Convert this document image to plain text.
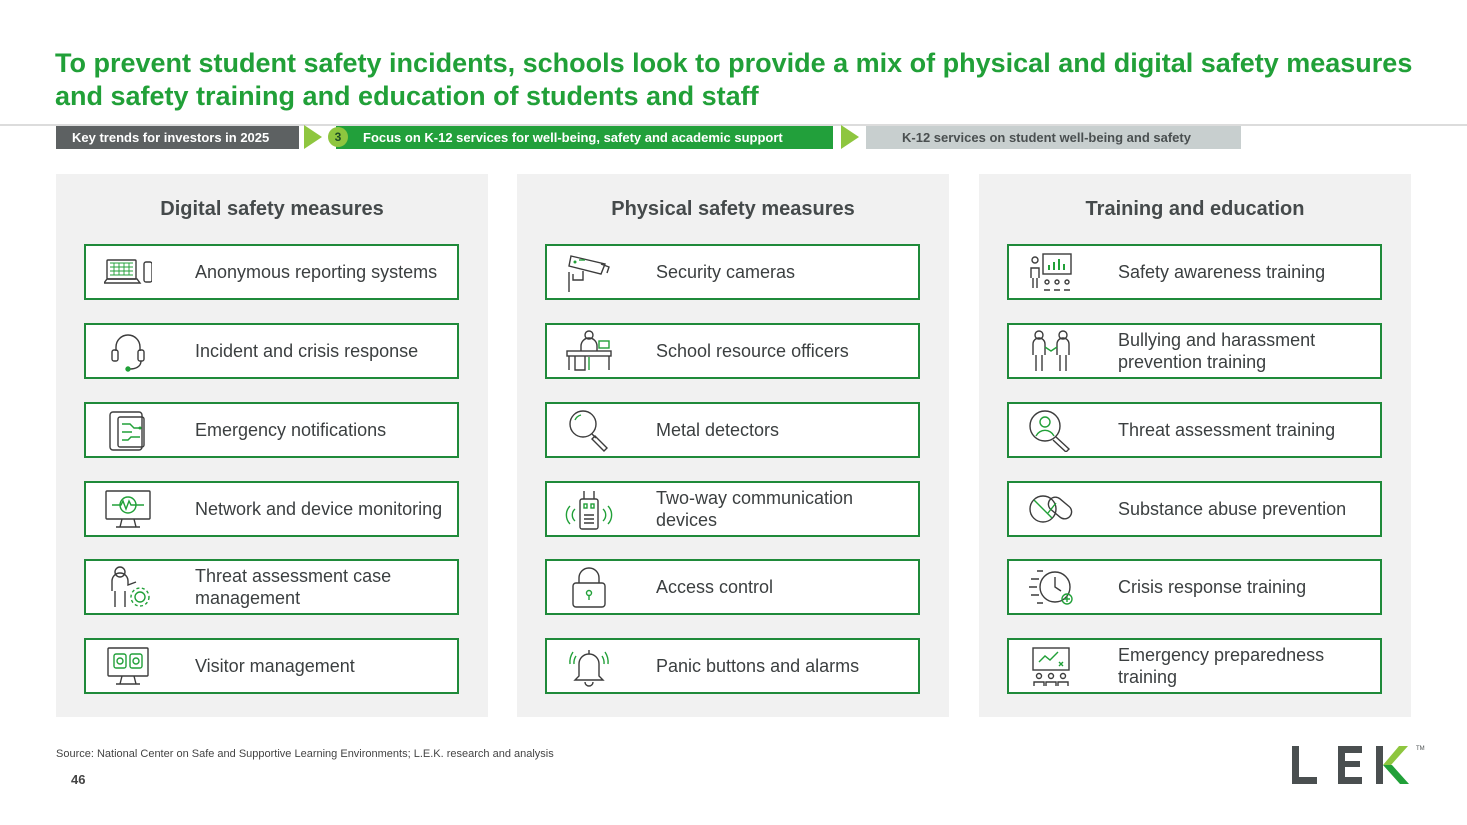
To prevent student safety incidents, schools look to provide a mix of physical and digital safety measures and safety training and education of students and staff
Key trends for investors in 2025	Focus on K-12 services for well-being, safety and academic support
3	K-12 services on student well-being and safety
Digital safety measures
Anonymous reporting systems
Incident and crisis response
Emergency notifications
Network and device monitoring
Threat assessment case management
Visitor management
Physical safety measures
Security cameras
School resource officers
Metal detectors
Two-way communication devices
Access control
Panic buttons and alarms
Training and education
Safety awareness training
Bullying and harassment prevention training
Threat assessment training
Substance abuse prevention
Crisis response training
Emergency preparedness training
Source: National Center on Safe and Supportive Learning Environments; L.E.K. research and analysis
46
TM
